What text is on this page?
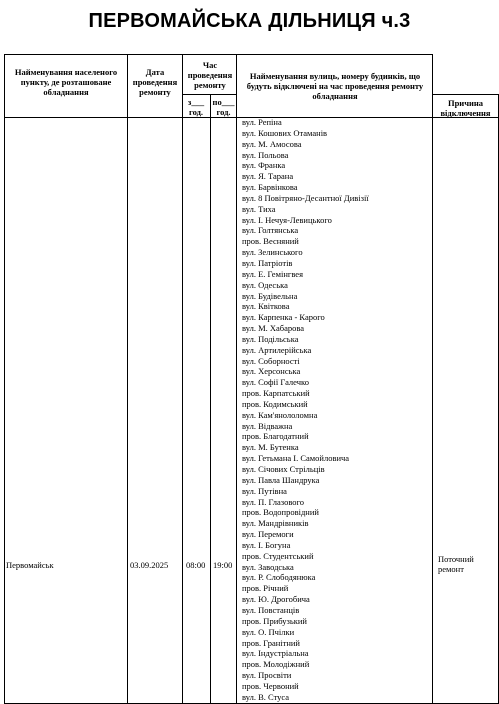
ПЕРВОМАЙСЬКА ДІЛЬНИЦЯ ч.3
Найменування населеного пункту, де розташоване обладнання
Дата проведення ремонту
Час проведення ремонту
з___ год.
по___ год.
Найменування вулиць, номеру будинків, що будуть відключені на час проведення ремонту обладнання
Причина відключення
Первомайськ	03.09.2025 08:00 19:00
Поточний ремонт
вул. Репіна
вул. Кошових Отаманів
вул. М. Амосова
вул. Польова
вул. Франка
вул. Я. Тарана
вул. Барвінкова
вул. 8 Повітряно-Десантної Дивізії
вул. Тиха
вул. І. Нечуя-Левицького
вул. Голтянська
пров. Весняний
вул. Зелинського
вул. Патріотів
вул. Е. Гемінгвея
вул. Одеська
вул. Будівельна
вул. Квіткова
вул. Карпенка - Карого
вул. М. Хабарова
вул. Подільська
вул. Артилерійська
вул. Соборності
вул. Херсонська
вул. Софії Галечко
пров. Карпатський
пров. Кодимський
вул. Кам'янололомна
вул. Відважна
пров. Благодатний
вул. М. Бутенка
вул. Гетьмана І. Самойловича
вул. Січових Стрільців
вул. Павла Шандрука
вул. Путівна
вул. П. Глазового
пров. Водопровідний
вул. Мандрівників
вул. Перемоги
вул. І. Богуна
пров. Студентський
вул. Заводська
вул. Р. Слободянюка
пров. Річний
вул. Ю. Дрогобича
вул. Повстанців
пров. Прибузький
вул. О. Пчілки
пров. Гранітний
вул. Індустріальна
пров. Молодіжний
вул. Просвіти
пров. Червоний
вул. В. Стуса
